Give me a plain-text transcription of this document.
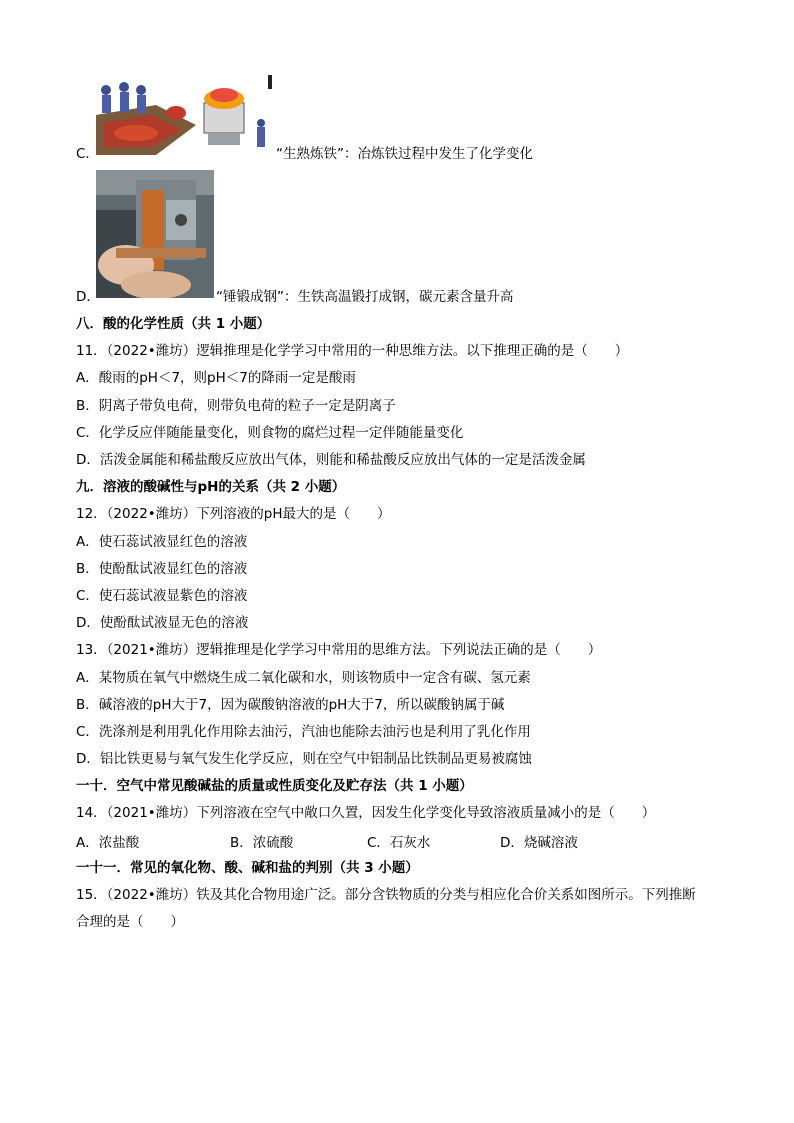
C．	“生熟炼铁”：冶炼铁过程中发生了化学变化
D．	“锤锻成钢”：生铁高温锻打成钢，碳元素含量升高
八．酸的化学性质（共 1 小题）
11．（2022•潍坊）逻辑推理是化学学习中常用的一种思维方法。以下推理正确的是（　　）
A．酸雨的pH＜7，则pH＜7的降雨一定是酸雨
B．阴离子带负电荷，则带负电荷的粒子一定是阴离子
C．化学反应伴随能量变化，则食物的腐烂过程一定伴随能量变化
D．活泼金属能和稀盐酸反应放出气体，则能和稀盐酸反应放出气体的一定是活泼金属
九．溶液的酸碱性与pH的关系（共 2 小题）
12．（2022•潍坊）下列溶液的pH最大的是（　　）
A．使石蕊试液显红色的溶液
B．使酚酞试液显红色的溶液
C．使石蕊试液显紫色的溶液
D．使酚酞试液显无色的溶液
13．（2021•潍坊）逻辑推理是化学学习中常用的思维方法。下列说法正确的是（　　）
A．某物质在氧气中燃烧生成二氧化碳和水，则该物质中一定含有碳、氢元素
B．碱溶液的pH大于7，因为碳酸钠溶液的pH大于7，所以碳酸钠属于碱
C．洗涤剂是利用乳化作用除去油污，汽油也能除去油污也是利用了乳化作用
D．铝比铁更易与氧气发生化学反应，则在空气中铝制品比铁制品更易被腐蚀
一十．空气中常见酸碱盐的质量或性质变化及贮存法（共 1 小题）
14．（2021•潍坊）下列溶液在空气中敞口久置，因发生化学变化导致溶液质量减小的是（　　）
A．浓盐酸	B．浓硫酸	C．石灰水	D．烧碱溶液
一十一．常见的氧化物、酸、碱和盐的判别（共 3 小题）
15．（2022•潍坊）铁及其化合物用途广泛。部分含铁物质的分类与相应化合价关系如图所示。下列推断
合理的是（　　）
